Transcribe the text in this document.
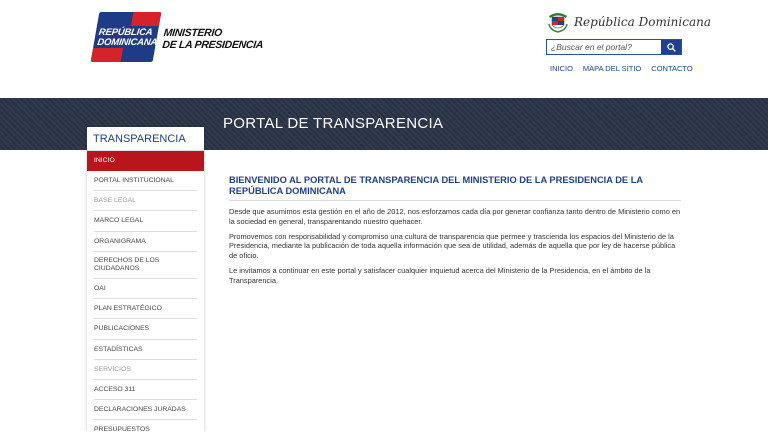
REPÚBLICA
DOMINICANA
MINISTERIO
DE LA PRESIDENCIA
República Dominicana
¿Buscar en el portal?
INICIO MAPA DEL SITIO CONTACTO
PORTAL DE TRANSPARENCIA
TRANSPARENCIA
INICIO
PORTAL INSTITUCIONAL
BASE LEGAL
MARCO LEGAL
ORGANIGRAMA
DERECHOS DE LOS CIUDADANOS
OAI
PLAN ESTRATÉGICO
PUBLICACIONES
ESTADÍSTICAS
SERVICIOS
ACCESO 311
DECLARACIONES JURADAS
PRESUPUESTOS
BIENVENIDO AL PORTAL DE TRANSPARENCIA DEL MINISTERIO DE LA PRESIDENCIA DE LA REPÚBLICA DOMINICANA

Desde que asumimos esta gestión en el año de 2012, nos esforzamos cada día por generar confianza tanto dentro de Ministerio como en la sociedad en general, transparentando nuestro quehacer.

Promovemos con responsabilidad y compromiso una cultura de transparencia que permee y trascienda los espacios del Ministerio de la Presidencia, mediante la publicación de toda aquella información que sea de utilidad, además de aquella que por ley de hacerse pública de oficio.

Le invitamos a continuar en este portal y satisfacer cualquier inquietud acerca del Ministerio de la Presidencia, en el ámbito de la Transparencia.
